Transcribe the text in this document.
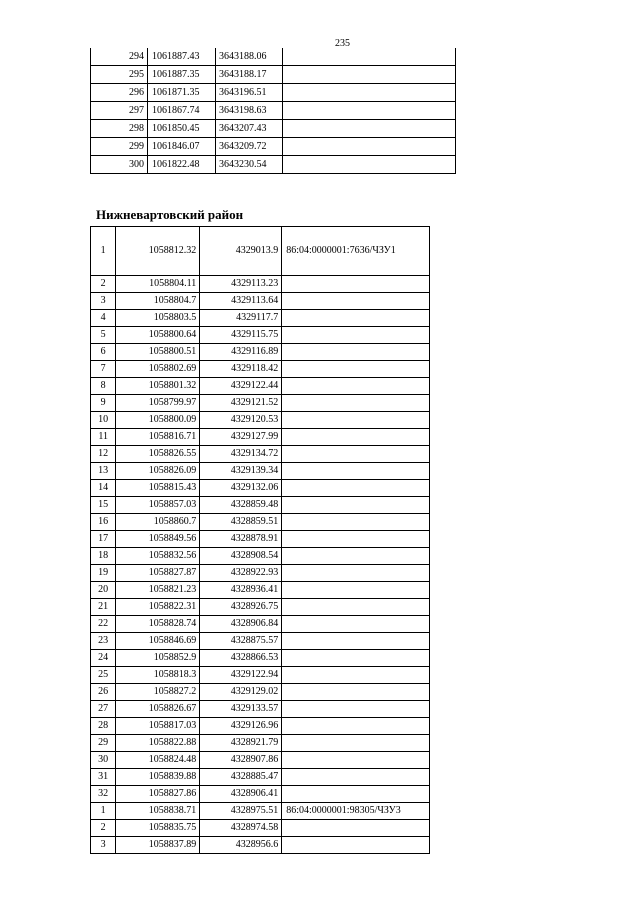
235
294	1061887.43	3643188.06	
295	1061887.35	3643188.17	
296	1061871.35	3643196.51	
297	1061867.74	3643198.63	
298	1061850.45	3643207.43	
299	1061846.07	3643209.72	
300	1061822.48	3643230.54	
Нижневартовский район
1	1058812.32	4329013.9	86:04:0000001:7636/ЧЗУ1
2	1058804.11	4329113.23	
3	1058804.7	4329113.64	
4	1058803.5	4329117.7	
5	1058800.64	4329115.75	
6	1058800.51	4329116.89	
7	1058802.69	4329118.42	
8	1058801.32	4329122.44	
9	1058799.97	4329121.52	
10	1058800.09	4329120.53	
11	1058816.71	4329127.99	
12	1058826.55	4329134.72	
13	1058826.09	4329139.34	
14	1058815.43	4329132.06	
15	1058857.03	4328859.48	
16	1058860.7	4328859.51	
17	1058849.56	4328878.91	
18	1058832.56	4328908.54	
19	1058827.87	4328922.93	
20	1058821.23	4328936.41	
21	1058822.31	4328926.75	
22	1058828.74	4328906.84	
23	1058846.69	4328875.57	
24	1058852.9	4328866.53	
25	1058818.3	4329122.94	
26	1058827.2	4329129.02	
27	1058826.67	4329133.57	
28	1058817.03	4329126.96	
29	1058822.88	4328921.79	
30	1058824.48	4328907.86	
31	1058839.88	4328885.47	
32	1058827.86	4328906.41	
1	1058838.71	4328975.51	86:04:0000001:98305/ЧЗУ3
2	1058835.75	4328974.58	
3	1058837.89	4328956.6	
